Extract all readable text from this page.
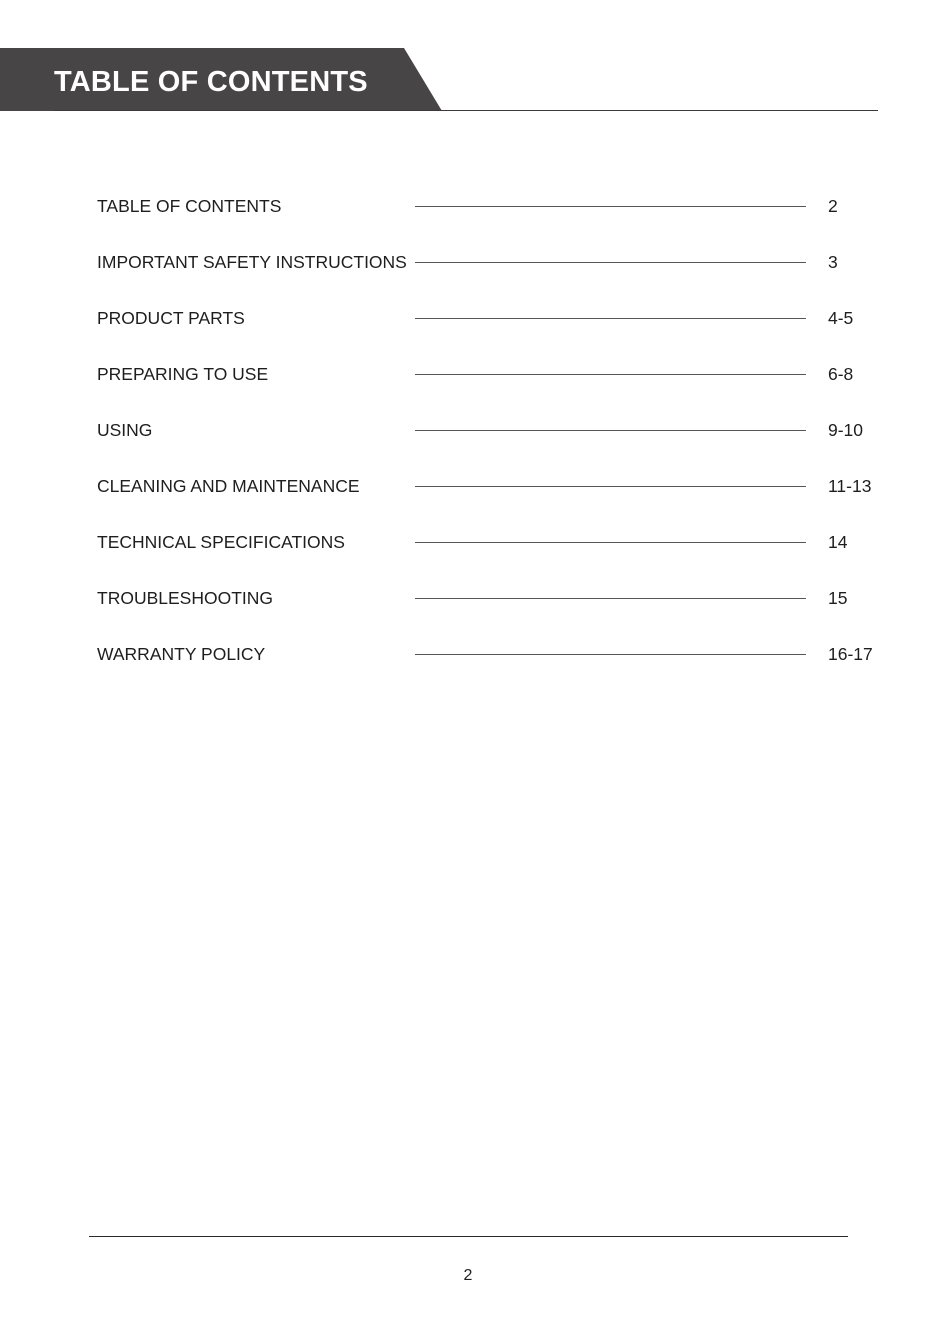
TABLE OF CONTENTS
TABLE OF CONTENTS	2
IMPORTANT SAFETY INSTRUCTIONS	3
PRODUCT PARTS	4-5
PREPARING TO USE	6-8
USING	9-10
CLEANING AND MAINTENANCE	11-13
TECHNICAL SPECIFICATIONS	14
TROUBLESHOOTING	15
WARRANTY POLICY	16-17
2
